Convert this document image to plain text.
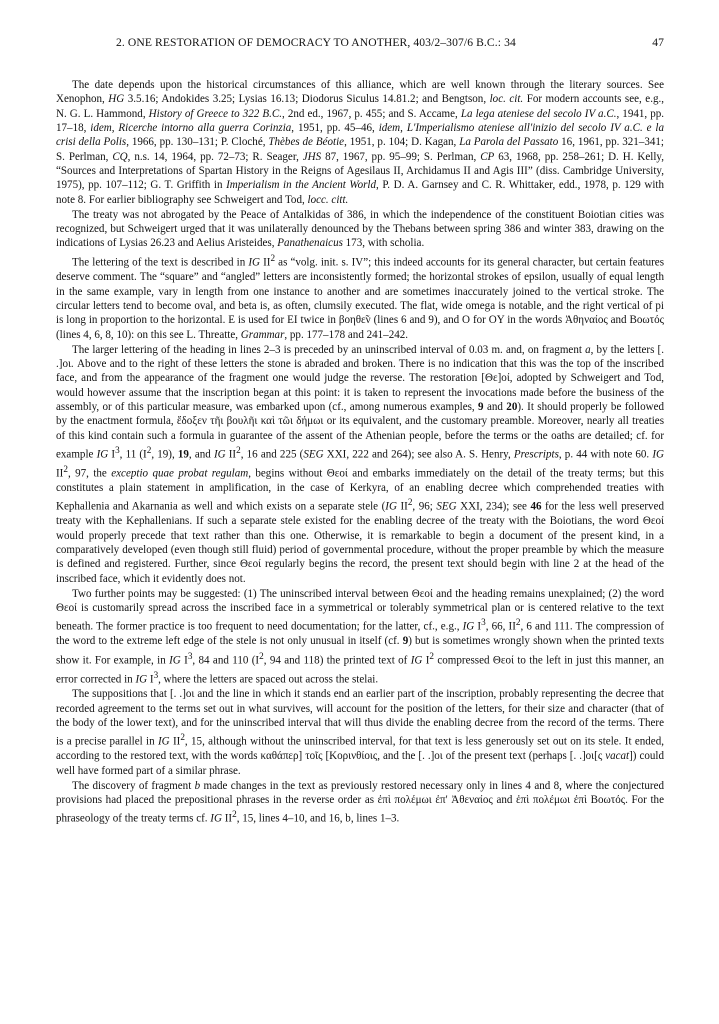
2. ONE RESTORATION OF DEMOCRACY TO ANOTHER, 403/2–307/6 B.C.: 34	47

The date depends upon the historical circumstances of this alliance, which are well known through the literary sources. See Xenophon, HG 3.5.16; Andokides 3.25; Lysias 16.13; Diodorus Siculus 14.81.2; and Bengtson, loc. cit. For modern accounts see, e.g., N. G. L. Hammond, History of Greece to 322 B.C., 2nd ed., 1967, p. 455; and S. Accame, La lega ateniese del secolo IV a.C., 1941, pp. 17–18, idem, Ricerche intorno alla guerra Corinzia, 1951, pp. 45–46, idem, L'Imperialismo ateniese all'inizio del secolo IV a.C. e la crisi della Polis, 1966, pp. 130–131; P. Cloché, Thèbes de Béotie, 1951, p. 104; D. Kagan, La Parola del Passato 16, 1961, pp. 321–341; S. Perlman, CQ, n.s. 14, 1964, pp. 72–73; R. Seager, JHS 87, 1967, pp. 95–99; S. Perlman, CP 63, 1968, pp. 258–261; D. H. Kelly, “Sources and Interpretations of Spartan History in the Reigns of Agesilaus II, Archidamus II and Agis III” (diss. Cambridge University, 1975), pp. 107–112; G. T. Griffith in Imperialism in the Ancient World, P. D. A. Garnsey and C. R. Whittaker, edd., 1978, p. 129 with note 8. For earlier bibliography see Schweigert and Tod, locc. citt.

The treaty was not abrogated by the Peace of Antalkidas of 386, in which the independence of the constituent Boiotian cities was recognized, but Schweigert urged that it was unilaterally denounced by the Thebans between spring 386 and winter 383, drawing on the indications of Lysias 26.23 and Aelius Aristeides, Panathenaicus 173, with scholia.

The lettering of the text is described in IG $II^2$ as “volg. init. s. IV”; this indeed accounts for its general character, but certain features deserve comment. The “square” and “angled” letters are inconsistently formed; the horizontal strokes of epsilon, usually of equal length in the same example, vary in length from one instance to another and are sometimes inaccurately joined to the vertical stroke. The circular letters tend to become oval, and beta is, as often, clumsily executed. The flat, wide omega is notable, and the right vertical of pi is long in proportion to the horizontal. E is used for EI twice in βοηθε̃ν (lines 6 and 9), and O for OY in the words Ἀθηναίος and Βοωτός (lines 4, 6, 8, 10): on this see L. Threatte, Grammar, pp. 177–178 and 241–242.

The larger lettering of the heading in lines 2–3 is preceded by an uninscribed interval of 0.03 m. and, on fragment a, by the letters [. .]οι. Above and to the right of these letters the stone is abraded and broken. There is no indication that this was the top of the inscribed face, and from the appearance of the fragment one would judge the reverse. The restoration [Θε]οί, adopted by Schweigert and Tod, would however assume that the inscription began at this point: it is taken to represent the invocations made before the business of the assembly, or of this particular measure, was embarked upon (cf., among numerous examples, 9 and 20). It should properly be followed by the enactment formula, ἔδοξεν τῆι βουλῆι καὶ τῶι δήμωι or its equivalent, and the customary preamble. Moreover, nearly all treaties of this kind contain such a formula in guarantee of the assent of the Athenian people, before the terms or the oaths are detailed; cf. for example IG $I^3$, 11 ($I^2$, 19), 19, and IG $II^2$, 16 and 225 (SEG XXI, 222 and 264); see also A. S. Henry, Prescripts, p. 44 with note 60. IG $II^2$, 97, the exceptio quae probat regulam, begins without Θεοί and embarks immediately on the detail of the treaty terms; but this constitutes a plain statement in amplification, in the case of Kerkyra, of an enabling decree which comprehended treaties with Kephallenia and Akarnania as well and which exists on a separate stele (IG $II^2$, 96; SEG XXI, 234); see 46 for the less well preserved treaty with the Kephallenians. If such a separate stele existed for the enabling decree of the treaty with the Boiotians, the word Θεοί would properly precede that text rather than this one. Otherwise, it is remarkable to begin a document of the present kind, in a comparatively developed (even though still fluid) period of governmental procedure, without the proper preamble by which the measure is defined and registered. Further, since Θεοί regularly begins the record, the present text should begin with line 2 at the head of the inscribed face, which it evidently does not.

Two further points may be suggested: (1) The uninscribed interval between Θεοί and the heading remains unexplained; (2) the word Θεοί is customarily spread across the inscribed face in a symmetrical or tolerably symmetrical plan or is centered relative to the text beneath. The former practice is too frequent to need documentation; for the latter, cf., e.g., IG $I^3$, 66, $II^2$, 6 and 111. The compression of the word to the extreme left edge of the stele is not only unusual in itself (cf. 9) but is sometimes wrongly shown when the printed texts show it. For example, in IG $I^3$, 84 and 110 ($I^2$, 94 and 118) the printed text of IG $I^2$ compressed Θεοί to the left in just this manner, an error corrected in IG $I^3$, where the letters are spaced out across the stelai.

The suppositions that [. .]οι and the line in which it stands end an earlier part of the inscription, probably representing the decree that recorded agreement to the terms set out in what survives, will account for the position of the letters, for their size and character (that of the body of the lower text), and for the uninscribed interval that will thus divide the enabling decree from the record of the terms. There is a precise parallel in IG $II^2$, 15, although without the uninscribed interval, for that text is less generously set out on its stele. It ended, according to the restored text, with the words καθάπερ] τοῖς [Κορινθίοις, and the [. .]οι of the present text (perhaps [. .]οι[ς vacat]) could well have formed part of a similar phrase.

The discovery of fragment b made changes in the text as previously restored necessary only in lines 4 and 8, where the conjectured provisions had placed the prepositional phrases in the reverse order as ἐπὶ πολέμωι ἐπ' Ἀθεναίος and ἐπὶ πολέμωι ἐπὶ Βοωτός. For the phraseology of the treaty terms cf. IG $II^2$, 15, lines 4–10, and 16, b, lines 1–3.
